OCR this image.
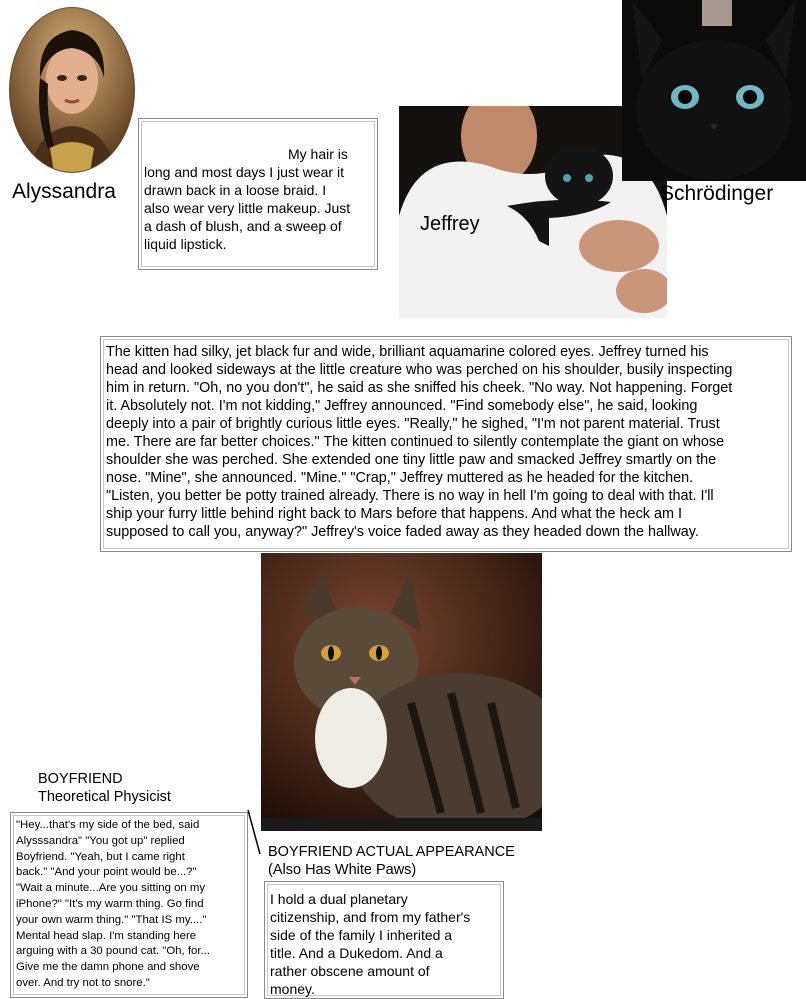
Alyssandra
My hair is
long and most days I just wear it
drawn back in a loose braid. I
also wear very little makeup. Just
a dash of blush, and a sweep of
liquid lipstick.
Jeffrey
Schrödinger
The kitten had silky, jet black fur and wide, brilliant aquamarine colored eyes. Jeffrey turned his
head and looked sideways at the little creature who was perched on his shoulder, busily inspecting
him in return. "Oh, no you don't", he said as she sniffed his cheek. "No way. Not happening. Forget
it. Absolutely not. I'm not kidding," Jeffrey announced. "Find somebody else", he said, looking
deeply into a pair of brightly curious little eyes. "Really," he sighed, "I'm not parent material. Trust
me. There are far better choices." The kitten continued to silently contemplate the giant on whose
shoulder she was perched. She extended one tiny little paw and smacked Jeffrey smartly on the
nose. "Mine", she announced. "Mine." "Crap," Jeffrey muttered as he headed for the kitchen.
"Listen, you better be potty trained already. There is no way in hell I'm going to deal with that. I'll
ship your furry little behind right back to Mars before that happens. And what the heck am I
supposed to call you, anyway?" Jeffrey's voice faded away as they headed down the hallway.
BOYFRIEND
Theoretical Physicist
"Hey...that's my side of the bed, said
Alysssandra" "You got up" replied
Boyfriend. "Yeah, but I came right
back." "And your point would be...?"
"Wait a minute...Are you sitting on my
iPhone?" "It's my warm thing. Go find
your own warm thing." "That IS my...."
Mental head slap. I'm standing here
arguing with a 30 pound cat. "Oh, for...
Give me the damn phone and shove
over. And try not to snore."
BOYFRIEND ACTUAL APPEARANCE
(Also Has White Paws)
I hold a dual planetary
citizenship, and from my father's
side of the family I inherited a
title. And a Dukedom. And a
rather obscene amount of
money.
